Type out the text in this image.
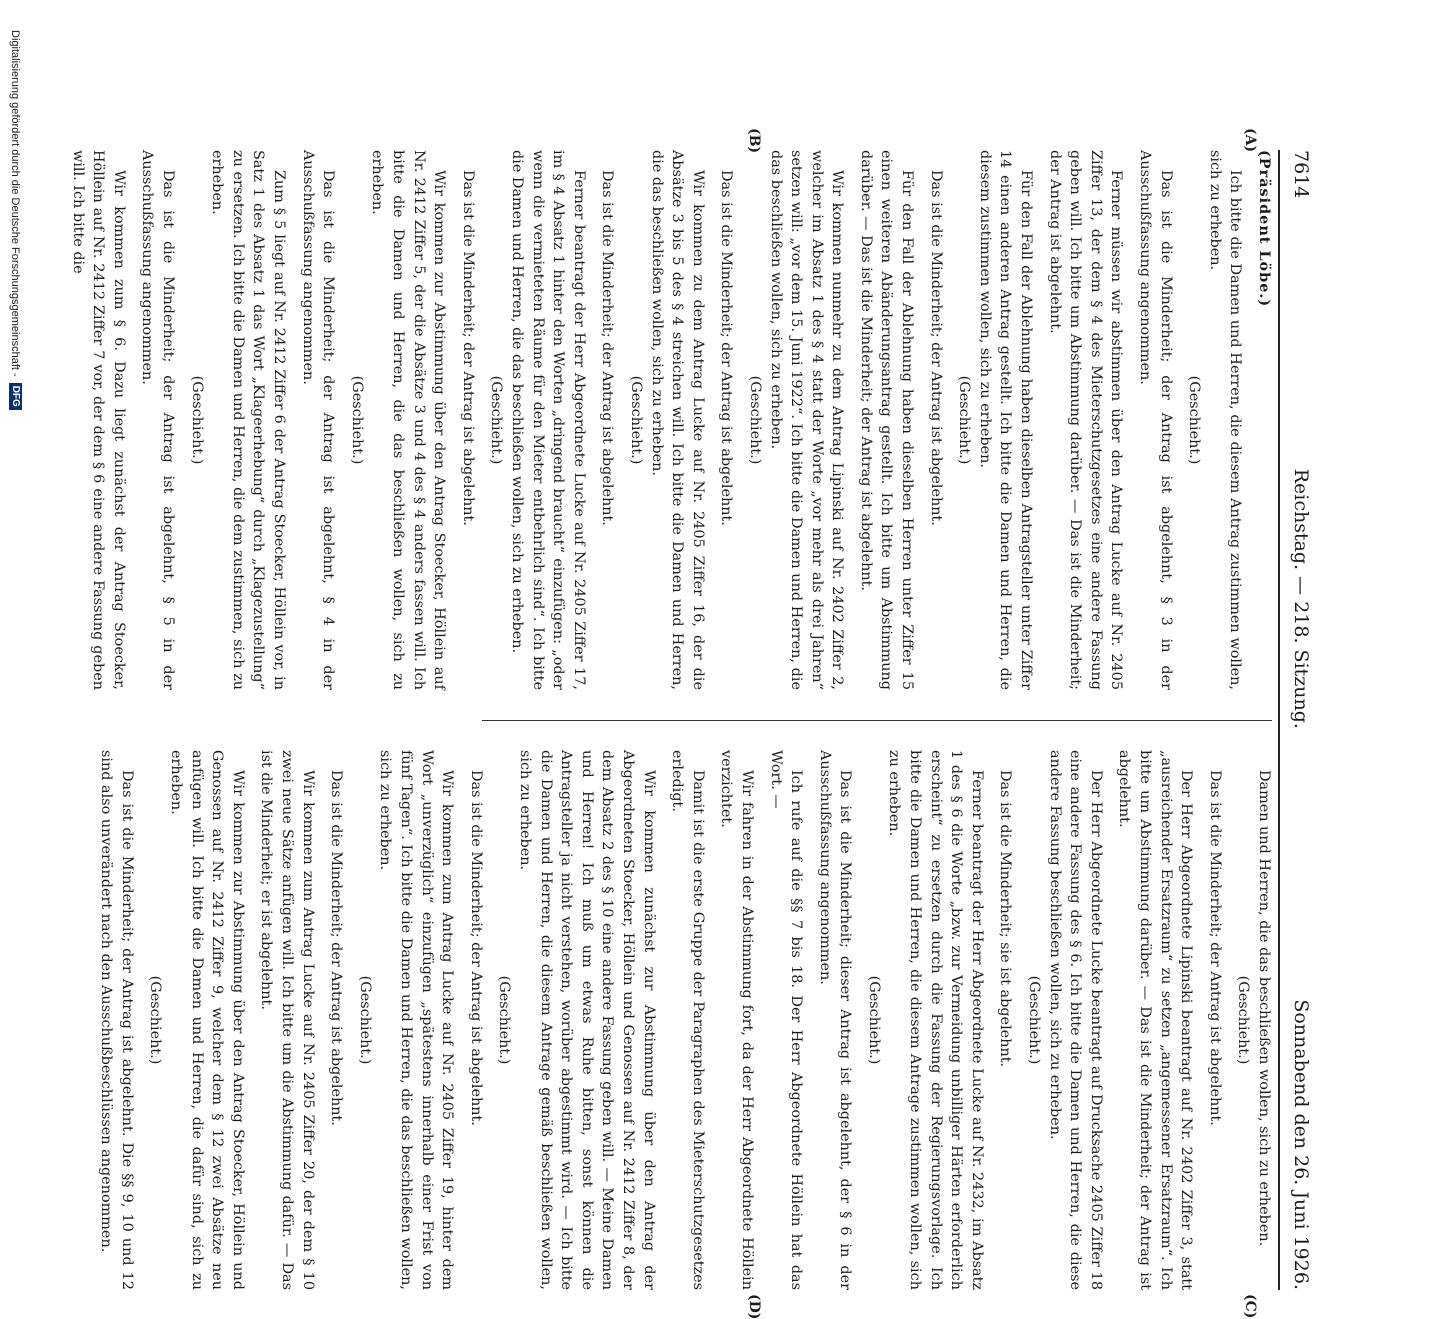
7614
Reichstag. — 218. Sitzung.
Sonnabend den 26. Juni 1926.
(A)
(B)
(C)
(D)

(Präsident Löbe.)

Ich bitte die Damen und Herren, die diesem Antrag zustimmen wollen, sich zu erheben.

(Geschieht.)

Das ist die Minderheit; der Antrag ist abgelehnt, § 3 in der Ausschußfassung angenommen.

Ferner müssen wir abstimmen über den Antrag Lucke auf Nr. 2405 Ziffer 13, der dem § 4 des Mieterschutzgesetzes eine andere Fassung geben will. Ich bitte um Abstimmung darüber. — Das ist die Minderheit; der Antrag ist abgelehnt.

Für den Fall der Ablehnung haben dieselben Antragsteller unter Ziffer 14 einen anderen Antrag gestellt. Ich bitte die Damen und Herren, die diesem zustimmen wollen, sich zu erheben.

(Geschieht.)

Das ist die Minderheit; der Antrag ist abgelehnt.

Für den Fall der Ablehnung haben dieselben Herren unter Ziffer 15 einen weiteren Abänderungsantrag gestellt. Ich bitte um Abstimmung darüber. — Das ist die Minderheit; der Antrag ist abgelehnt.

Wir kommen nunmehr zu dem Antrag Lipinski auf Nr. 2402 Ziffer 2, welcher im Absatz 1 des § 4 statt der Worte „vor mehr als drei Jahren“ setzen will: „vor dem 15. Juni 1922“. Ich bitte die Damen und Herren, die das beschließen wollen, sich zu erheben.

(Geschieht.)

Das ist die Minderheit; der Antrag ist abgelehnt.

Wir kommen zu dem Antrag Lucke auf Nr. 2405 Ziffer 16, der die Absätze 3 bis 5 des § 4 streichen will. Ich bitte die Damen und Herren, die das beschließen wollen, sich zu erheben.

(Geschieht.)

Das ist die Minderheit; der Antrag ist abgelehnt.

Ferner beantragt der Herr Abgeordnete Lucke auf Nr. 2405 Ziffer 17, im § 4 Absatz 1 hinter den Worten „dringend braucht“ einzufügen: „oder wenn die vermieteten Räume für den Mieter entbehrlich sind“. Ich bitte die Damen und Herren, die das beschließen wollen, sich zu erheben.

(Geschieht.)

Das ist die Minderheit; der Antrag ist abgelehnt.

Wir kommen zur Abstimmung über den Antrag Stoecker, Höllein auf Nr. 2412 Ziffer 5, der die Absätze 3 und 4 des § 4 anders fassen will. Ich bitte die Damen und Herren, die das beschließen wollen, sich zu erheben.

(Geschieht.)

Das ist die Minderheit; der Antrag ist abgelehnt, § 4 in der Ausschußfassung angenommen.

Zum § 5 liegt auf Nr. 2412 Ziffer 6 der Antrag Stoecker, Höllein vor, in Satz 1 des Absatz 1 das Wort „Klageerhebung“ durch „Klagezustellung“ zu ersetzen. Ich bitte die Damen und Herren, die dem zustimmen, sich zu erheben.

(Geschieht.)

Das ist die Minderheit; der Antrag ist abgelehnt, § 5 in der Ausschußfassung angenommen.

Wir kommen zum § 6. Dazu liegt zunächst der Antrag Stoecker, Höllein auf Nr. 2412 Ziffer 7 vor, der dem § 6 eine andere Fassung geben will. Ich bitte die

Damen und Herren, die das beschließen wollen, sich zu erheben.

(Geschieht.)

Das ist die Minderheit; der Antrag ist abgelehnt.

Der Herr Abgeordnete Lipinski beantragt auf Nr. 2402 Ziffer 3, statt „ausreichender Ersatzraum“ zu setzen „angemessener Ersatzraum“. Ich bitte um Abstimmung darüber. — Das ist die Minderheit; der Antrag ist abgelehnt.

Der Herr Abgeordnete Lucke beantragt auf Drucksache 2405 Ziffer 18 eine andere Fassung des § 6. Ich bitte die Damen und Herren, die diese andere Fassung beschließen wollen, sich zu erheben.

(Geschieht.)

Das ist die Minderheit; sie ist abgelehnt.

Ferner beantragt der Herr Abgeordnete Lucke auf Nr. 2432, im Absatz 1 des § 6 die Worte „bzw. zur Vermeidung unbilliger Härten erforderlich erscheint“ zu ersetzen durch die Fassung der Regierungsvorlage. Ich bitte die Damen und Herren, die diesem Antrage zustimmen wollen, sich zu erheben.

(Geschieht.)

Das ist die Minderheit; dieser Antrag ist abgelehnt, der § 6 in der Ausschußfassung angenommen.

Ich rufe auf die §§ 7 bis 18. Der Herr Abgeordnete Höllein hat das Wort. —

Wir fahren in der Abstimmung fort, da der Herr Abgeordnete Höllein verzichtet.

Damit ist die erste Gruppe der Paragraphen des Mieterschutzgesetzes erledigt.

Wir kommen zunächst zur Abstimmung über den Antrag der Abgeordneten Stoecker, Höllein und Genossen auf Nr. 2412 Ziffer 8, der dem Absatz 2 des § 10 eine andere Fassung geben will. — Meine Damen und Herren! Ich muß um etwas Ruhe bitten, sonst können die Antragsteller ja nicht verstehen, worüber abgestimmt wird. — Ich bitte die Damen und Herren, die diesem Antrage gemäß beschließen wollen, sich zu erheben.

(Geschieht.)

Das ist die Minderheit; der Antrag ist abgelehnt.

Wir kommen zum Antrag Lucke auf Nr. 2405 Ziffer 19, hinter dem Wort „unverzüglich“ einzufügen „spätestens innerhalb einer Frist von fünf Tagen“. Ich bitte die Damen und Herren, die das beschließen wollen, sich zu erheben.

(Geschieht.)

Das ist die Minderheit; der Antrag ist abgelehnt.

Wir kommen zum Antrag Lucke auf Nr. 2405 Ziffer 20, der dem § 10 zwei neue Sätze anfügen will. Ich bitte um die Abstimmung dafür. — Das ist die Minderheit; er ist abgelehnt.

Wir kommen zur Abstimmung über den Antrag Stoecker, Höllein und Genossen auf Nr. 2412 Ziffer 9, welcher dem § 12 zwei Absätze neu anfügen will. Ich bitte die Damen und Herren, die dafür sind, sich zu erheben.

(Geschieht.)

Das ist die Minderheit; der Antrag ist abgelehnt. Die §§ 9, 10 und 12 sind also unverändert nach den Ausschußbeschlüssen angenommen.

Digitalisierung gefördert durch die Deutsche Forschungsgemeinschaft -
DFG
